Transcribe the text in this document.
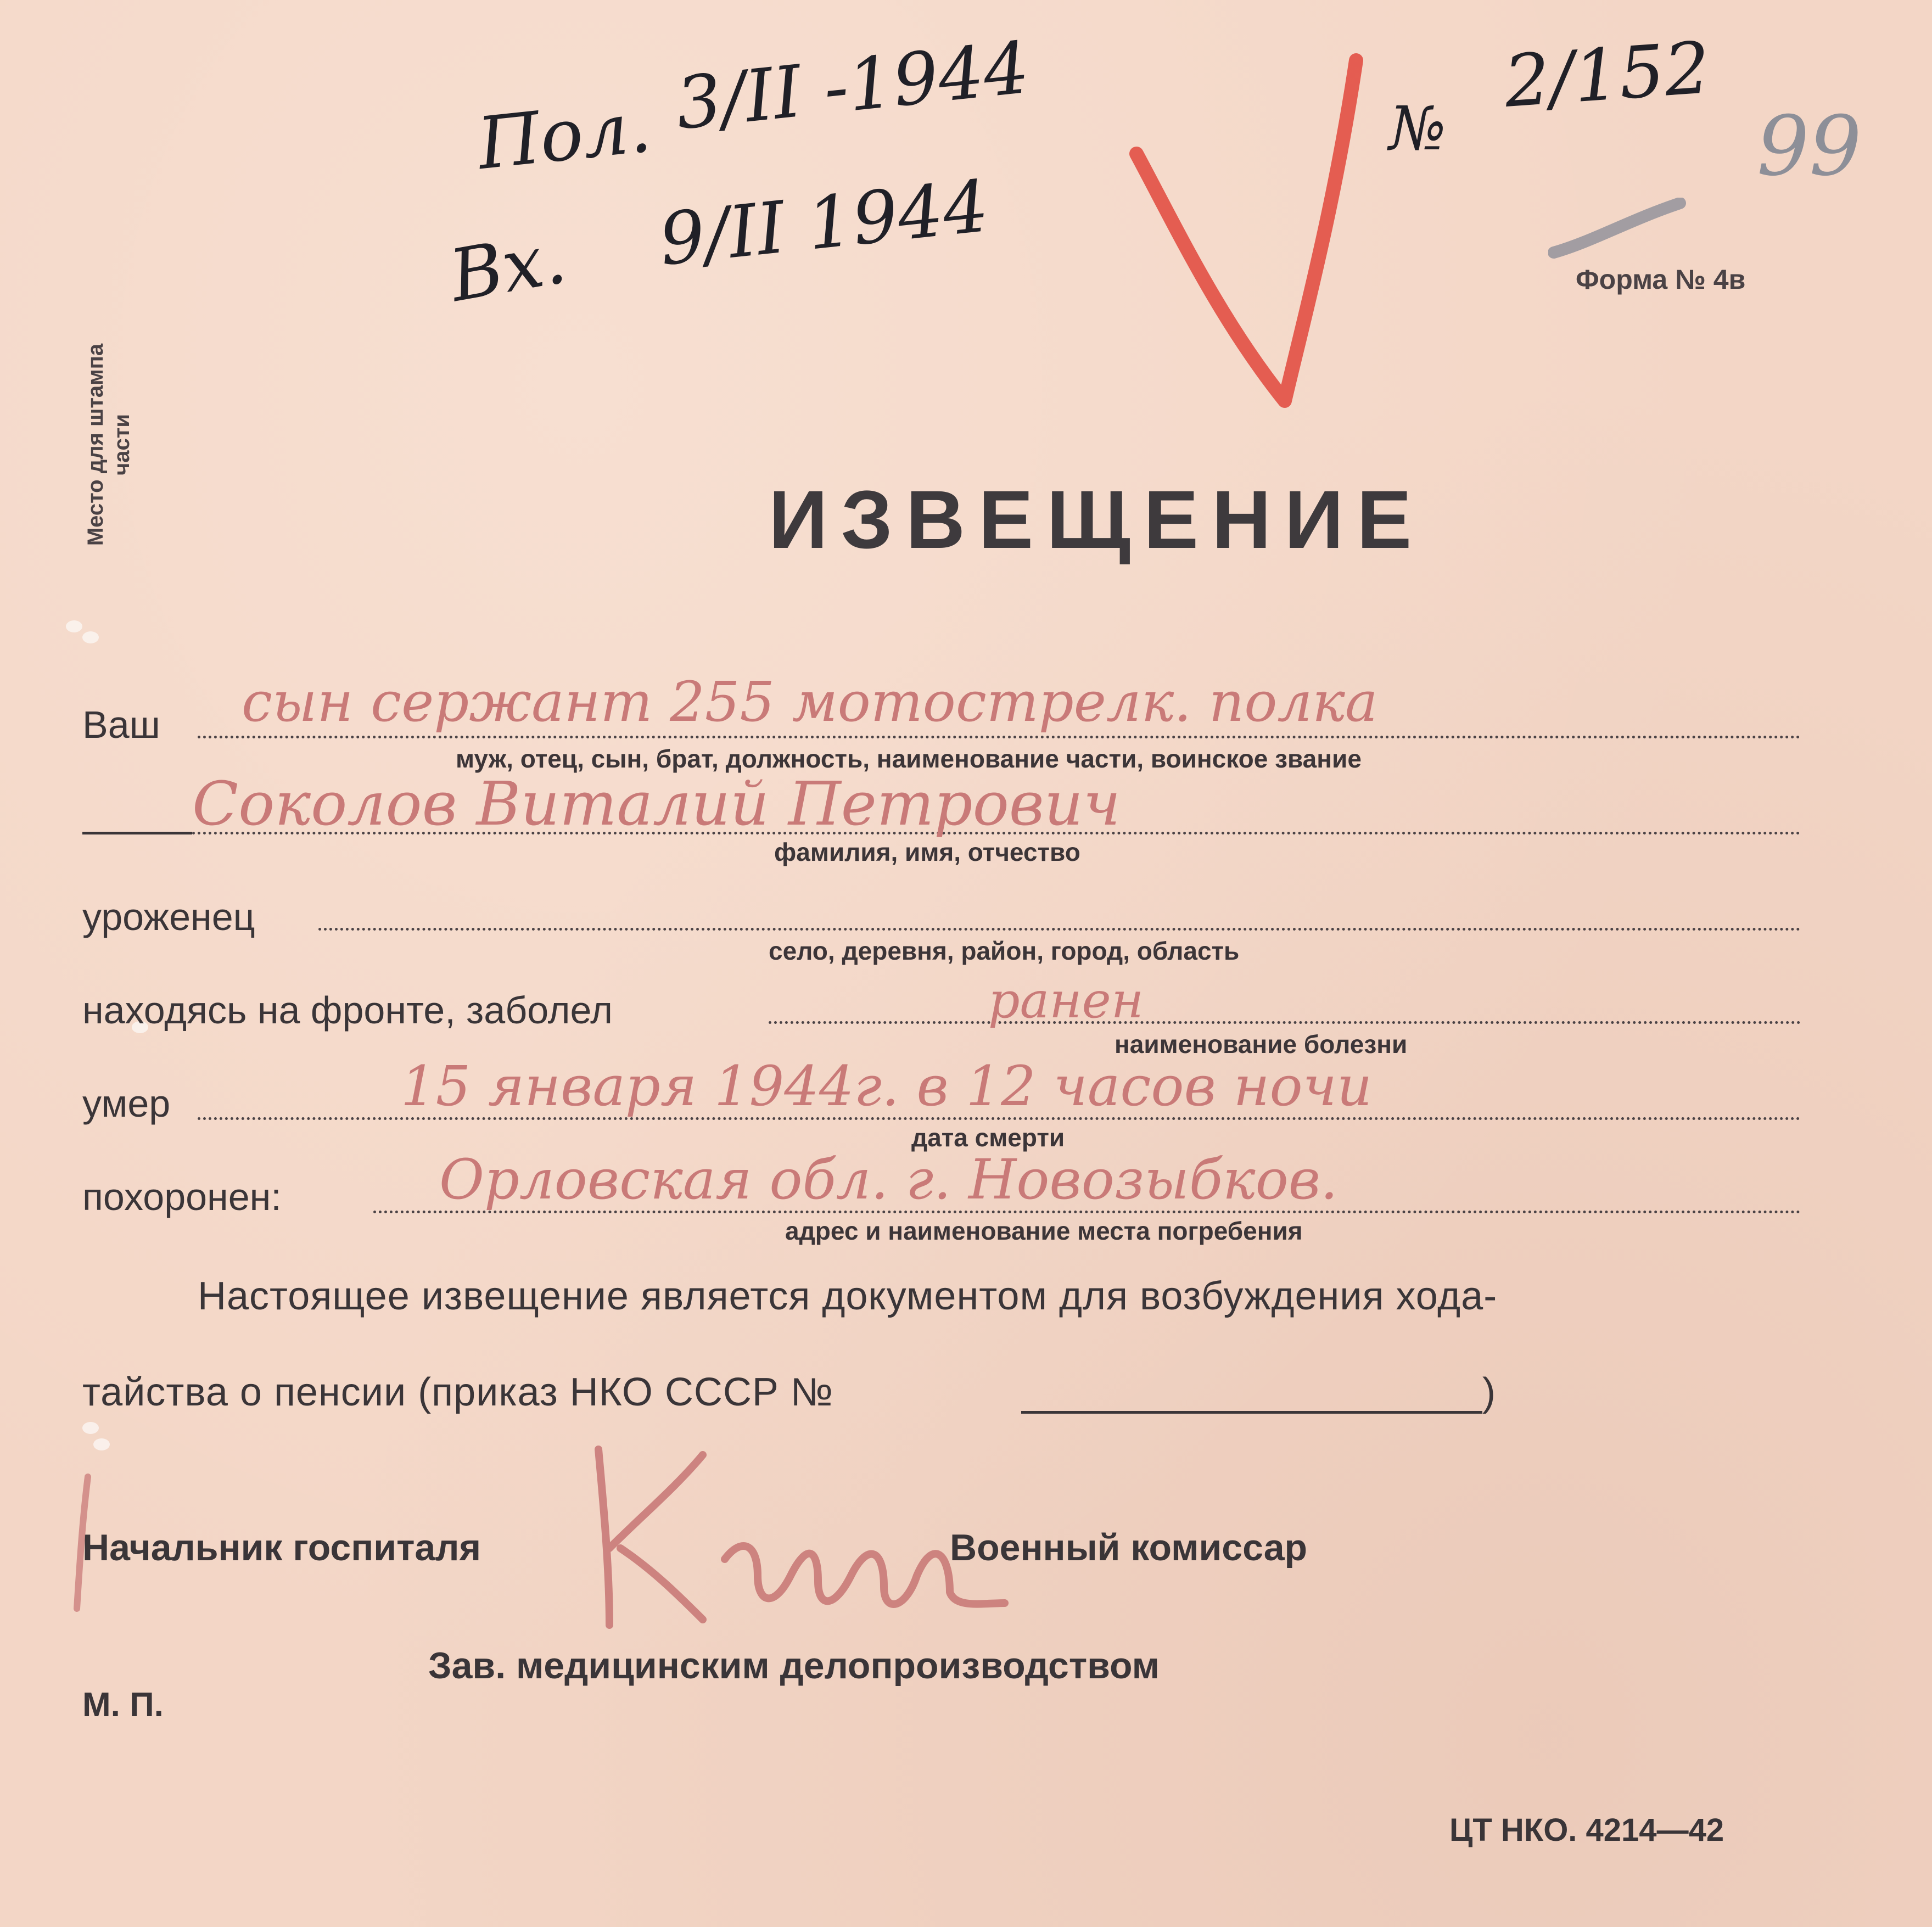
Пол. 3/II -1944
Вх. 9/II 1944
№
2/152
99
Форма № 4в
Место для штампа части
ИЗВЕЩЕНИЕ
Ваш сын сержант 255 мотострелк. полка
муж, отец, сын, брат, должность, наименование части, воинское звание
Соколов Виталий Петрович
фамилия, имя, отчество
уроженец
село, деревня, район, город, область
находясь на фронте, заболел	ранен
наименование болезни
умер	15 января 1944г. в 12 часов ночи
дата смерти
похоронен:	Орловская обл. г. Новозыбков.
адрес и наименование места погребения
Настоящее извещение является документом для возбуждения хода-
тайства о пенсии (приказ НКО СССР №	)
Начальник госпиталя	Военный комиссар
Зав. медицинским делопроизводством
М. П.
ЦТ НКО. 4214—42
